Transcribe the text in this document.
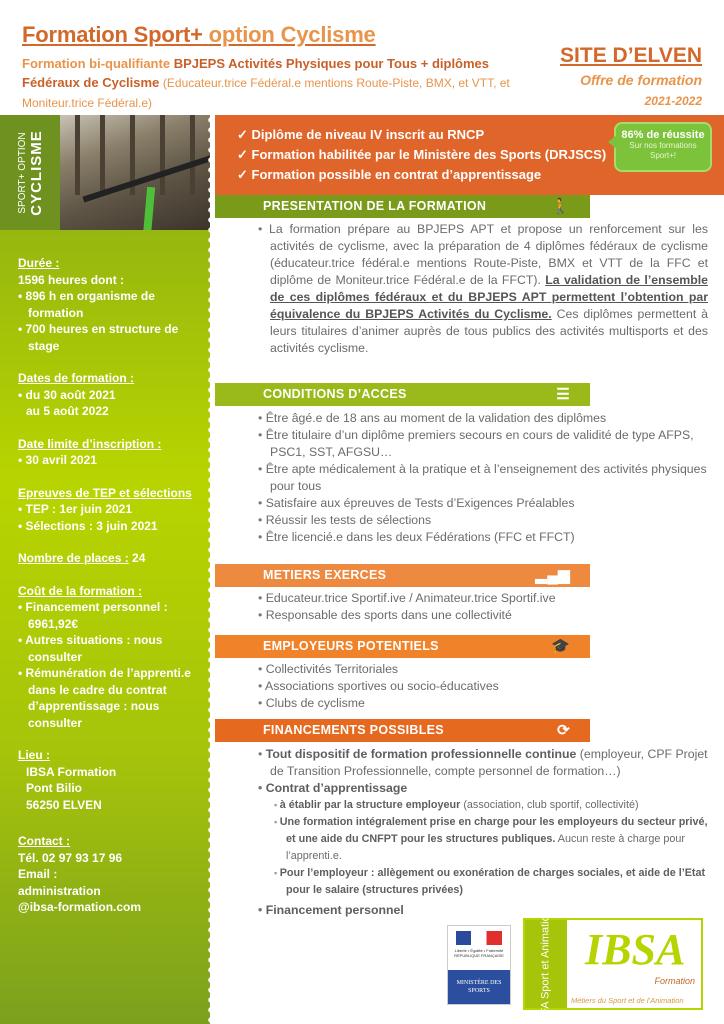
Formation Sport+ option Cyclisme
Formation bi-qualifiante BPJEPS Activités Physiques pour Tous + diplômes Fédéraux de Cyclisme (Educateur.trice Fédéral.e mentions Route-Piste, BMX, et VTT, et Moniteur.trice Fédéral.e)
SITE D’ELVEN
Offre de formation
2021-2022
SPORT+ OPTION CYCLISME
Durée :
1596 heures dont :
• 896 h en organisme de formation
• 700 heures en structure de stage
Dates de formation :
• du 30 août 2021
au 5 août 2022
Date limite d’inscription :
• 30 avril 2021
Epreuves de TEP et sélections
• TEP : 1er juin 2021
• Sélections : 3 juin 2021
Nombre de places : 24
Coût de la formation :
• Financement personnel : 6961,92€
• Autres situations : nous consulter
• Rémunération de l’apprenti.e dans le cadre du contrat d’apprentissage : nous consulter
Lieu :
IBSA Formation
Pont Bilio
56250 ELVEN
Contact :
Tél. 02 97 93 17 96
Email :
administration
@ibsa-formation.com
✓ Diplôme de niveau IV inscrit au RNCP
✓ Formation habilitée par le Ministère des Sports (DRJSCS)
✓ Formation possible en contrat d’apprentissage
86% de réussite
Sur nos formations Sport+!
PRESENTATION DE LA FORMATION	🚶
• La formation prépare au BPJEPS APT et propose un renforcement sur les activités de cyclisme, avec la préparation de 4 diplômes fédéraux de cyclisme (éducateur.trice fédéral.e mentions Route-Piste, BMX et VTT de la FFC et diplôme de Moniteur.trice Fédéral.e de la FFCT). La validation de l’ensemble de ces diplômes fédéraux et du BPJEPS APT permettent l’obtention par équivalence du BPJEPS Activités du Cyclisme. Ces diplômes permettent à leurs titulaires d’animer auprès de tous publics des activités multisports et des activités cyclisme.
CONDITIONS D’ACCES	☰
• Être âgé.e de 18 ans au moment de la validation des diplômes
• Être titulaire d’un diplôme premiers secours en cours de validité de type AFPS, PSC1, SST, AFGSU…
• Être apte médicalement à la pratique et à l’enseignement des activités physiques pour tous
• Satisfaire aux épreuves de Tests d’Exigences Préalables
• Réussir les tests de sélections
• Être licencié.e dans les deux Fédérations (FFC et FFCT)
METIERS EXERCES	▂▄▆
• Educateur.trice Sportif.ive / Animateur.trice Sportif.ive
• Responsable des sports dans une collectivité
EMPLOYEURS POTENTIELS	🎓
• Collectivités Territoriales
• Associations sportives ou socio-éducatives
• Clubs de cyclisme
FINANCEMENTS POSSIBLES	⟳
• Tout dispositif de formation professionnelle continue (employeur, CPF Projet de Transition Professionnelle, compte personnel de formation…)
• Contrat d’apprentissage
▪ à établir par la structure employeur (association, club sportif, collectivité)
▪ Une formation intégralement prise en charge pour les employeurs du secteur privé, et une aide du CNFPT pour les structures publiques. Aucun reste à charge pour l’apprenti.e.
▪ Pour l’employeur : allègement ou exonération de charges sociales, et aide de l’Etat pour le salaire (structures privées)
• Financement personnel
Liberté • Égalité • Fraternité RÉPUBLIQUE FRANÇAISE
MINISTÈRE DES SPORTS	CFA Sport et Animation IBSA
Formation
Métiers du Sport et de l’Animation
